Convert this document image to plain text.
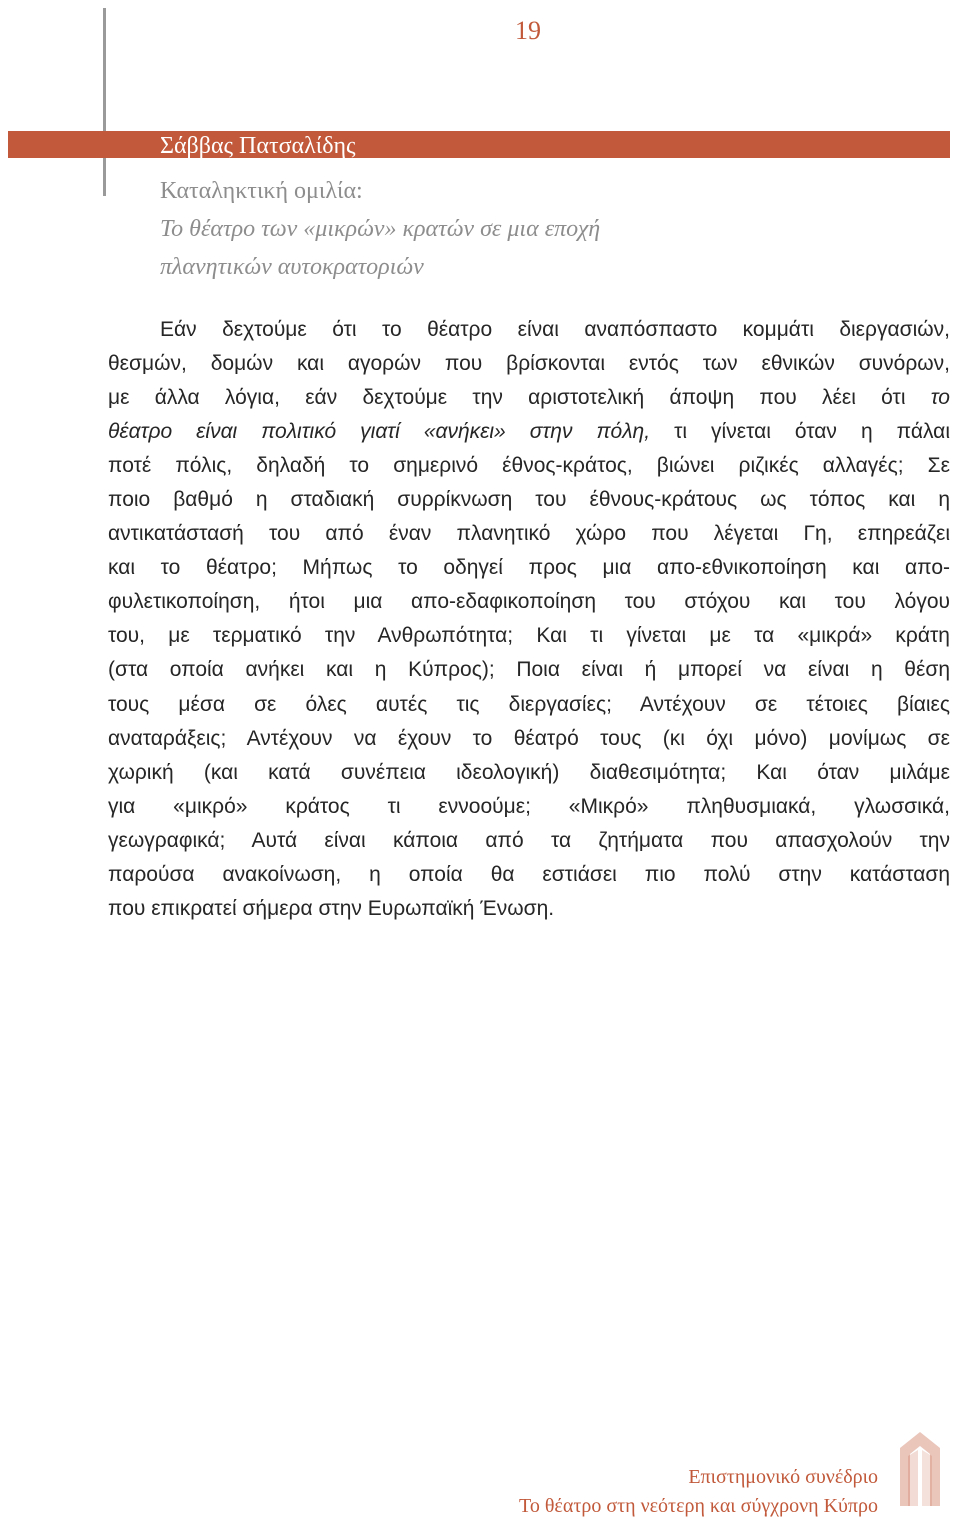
19
Σάββας Πατσαλίδης
Καταληκτική ομιλία:
Το θέατρο των «μικρών» κρατών σε μια εποχή
πλανητικών αυτοκρατοριών
Εάν δεχτούμε ότι το θέατρο είναι αναπόσπαστο κομμάτι διεργασιών,
θεσμών, δομών και αγορών που βρίσκονται εντός των εθνικών συνόρων,
με άλλα λόγια, εάν δεχτούμε την αριστοτελική άποψη που λέει ότι το
θέατρο είναι πολιτικό γιατί «ανήκει» στην πόλη, τι γίνεται όταν η πάλαι
ποτέ πόλις, δηλαδή το σημερινό έθνος-κράτος, βιώνει ριζικές αλλαγές; Σε
ποιο βαθμό η σταδιακή συρρίκνωση του έθνους-κράτους ως τόπος και η
αντικατάστασή του από έναν πλανητικό χώρο που λέγεται Γη, επηρεάζει
και το θέατρο; Μήπως το οδηγεί προς μια απο-εθνικοποίηση και απο-
φυλετικοποίηση, ήτοι μια απο-εδαφικοποίηση του στόχου και του λόγου
του, με τερματικό την Ανθρωπότητα; Και τι γίνεται με τα «μικρά» κράτη
(στα οποία ανήκει και η Κύπρος); Ποια είναι ή μπορεί να είναι η θέση
τους μέσα σε όλες αυτές τις διεργασίες; Αντέχουν σε τέτοιες βίαιες
αναταράξεις; Αντέχουν να έχουν το θέατρό τους (κι όχι μόνο) μονίμως σε
χωρική (και κατά συνέπεια ιδεολογική) διαθεσιμότητα; Και όταν μιλάμε
για «μικρό» κράτος τι εννοούμε; «Μικρό» πληθυσμιακά, γλωσσικά,
γεωγραφικά; Αυτά είναι κάποια από τα ζητήματα που απασχολούν την
παρούσα ανακοίνωση, η οποία θα εστιάσει πιο πολύ στην κατάσταση
που επικρατεί σήμερα στην Ευρωπαϊκή Ένωση.
Επιστημονικό συνέδριο
Το θέατρο στη νεότερη και σύγχρονη Κύπρο
